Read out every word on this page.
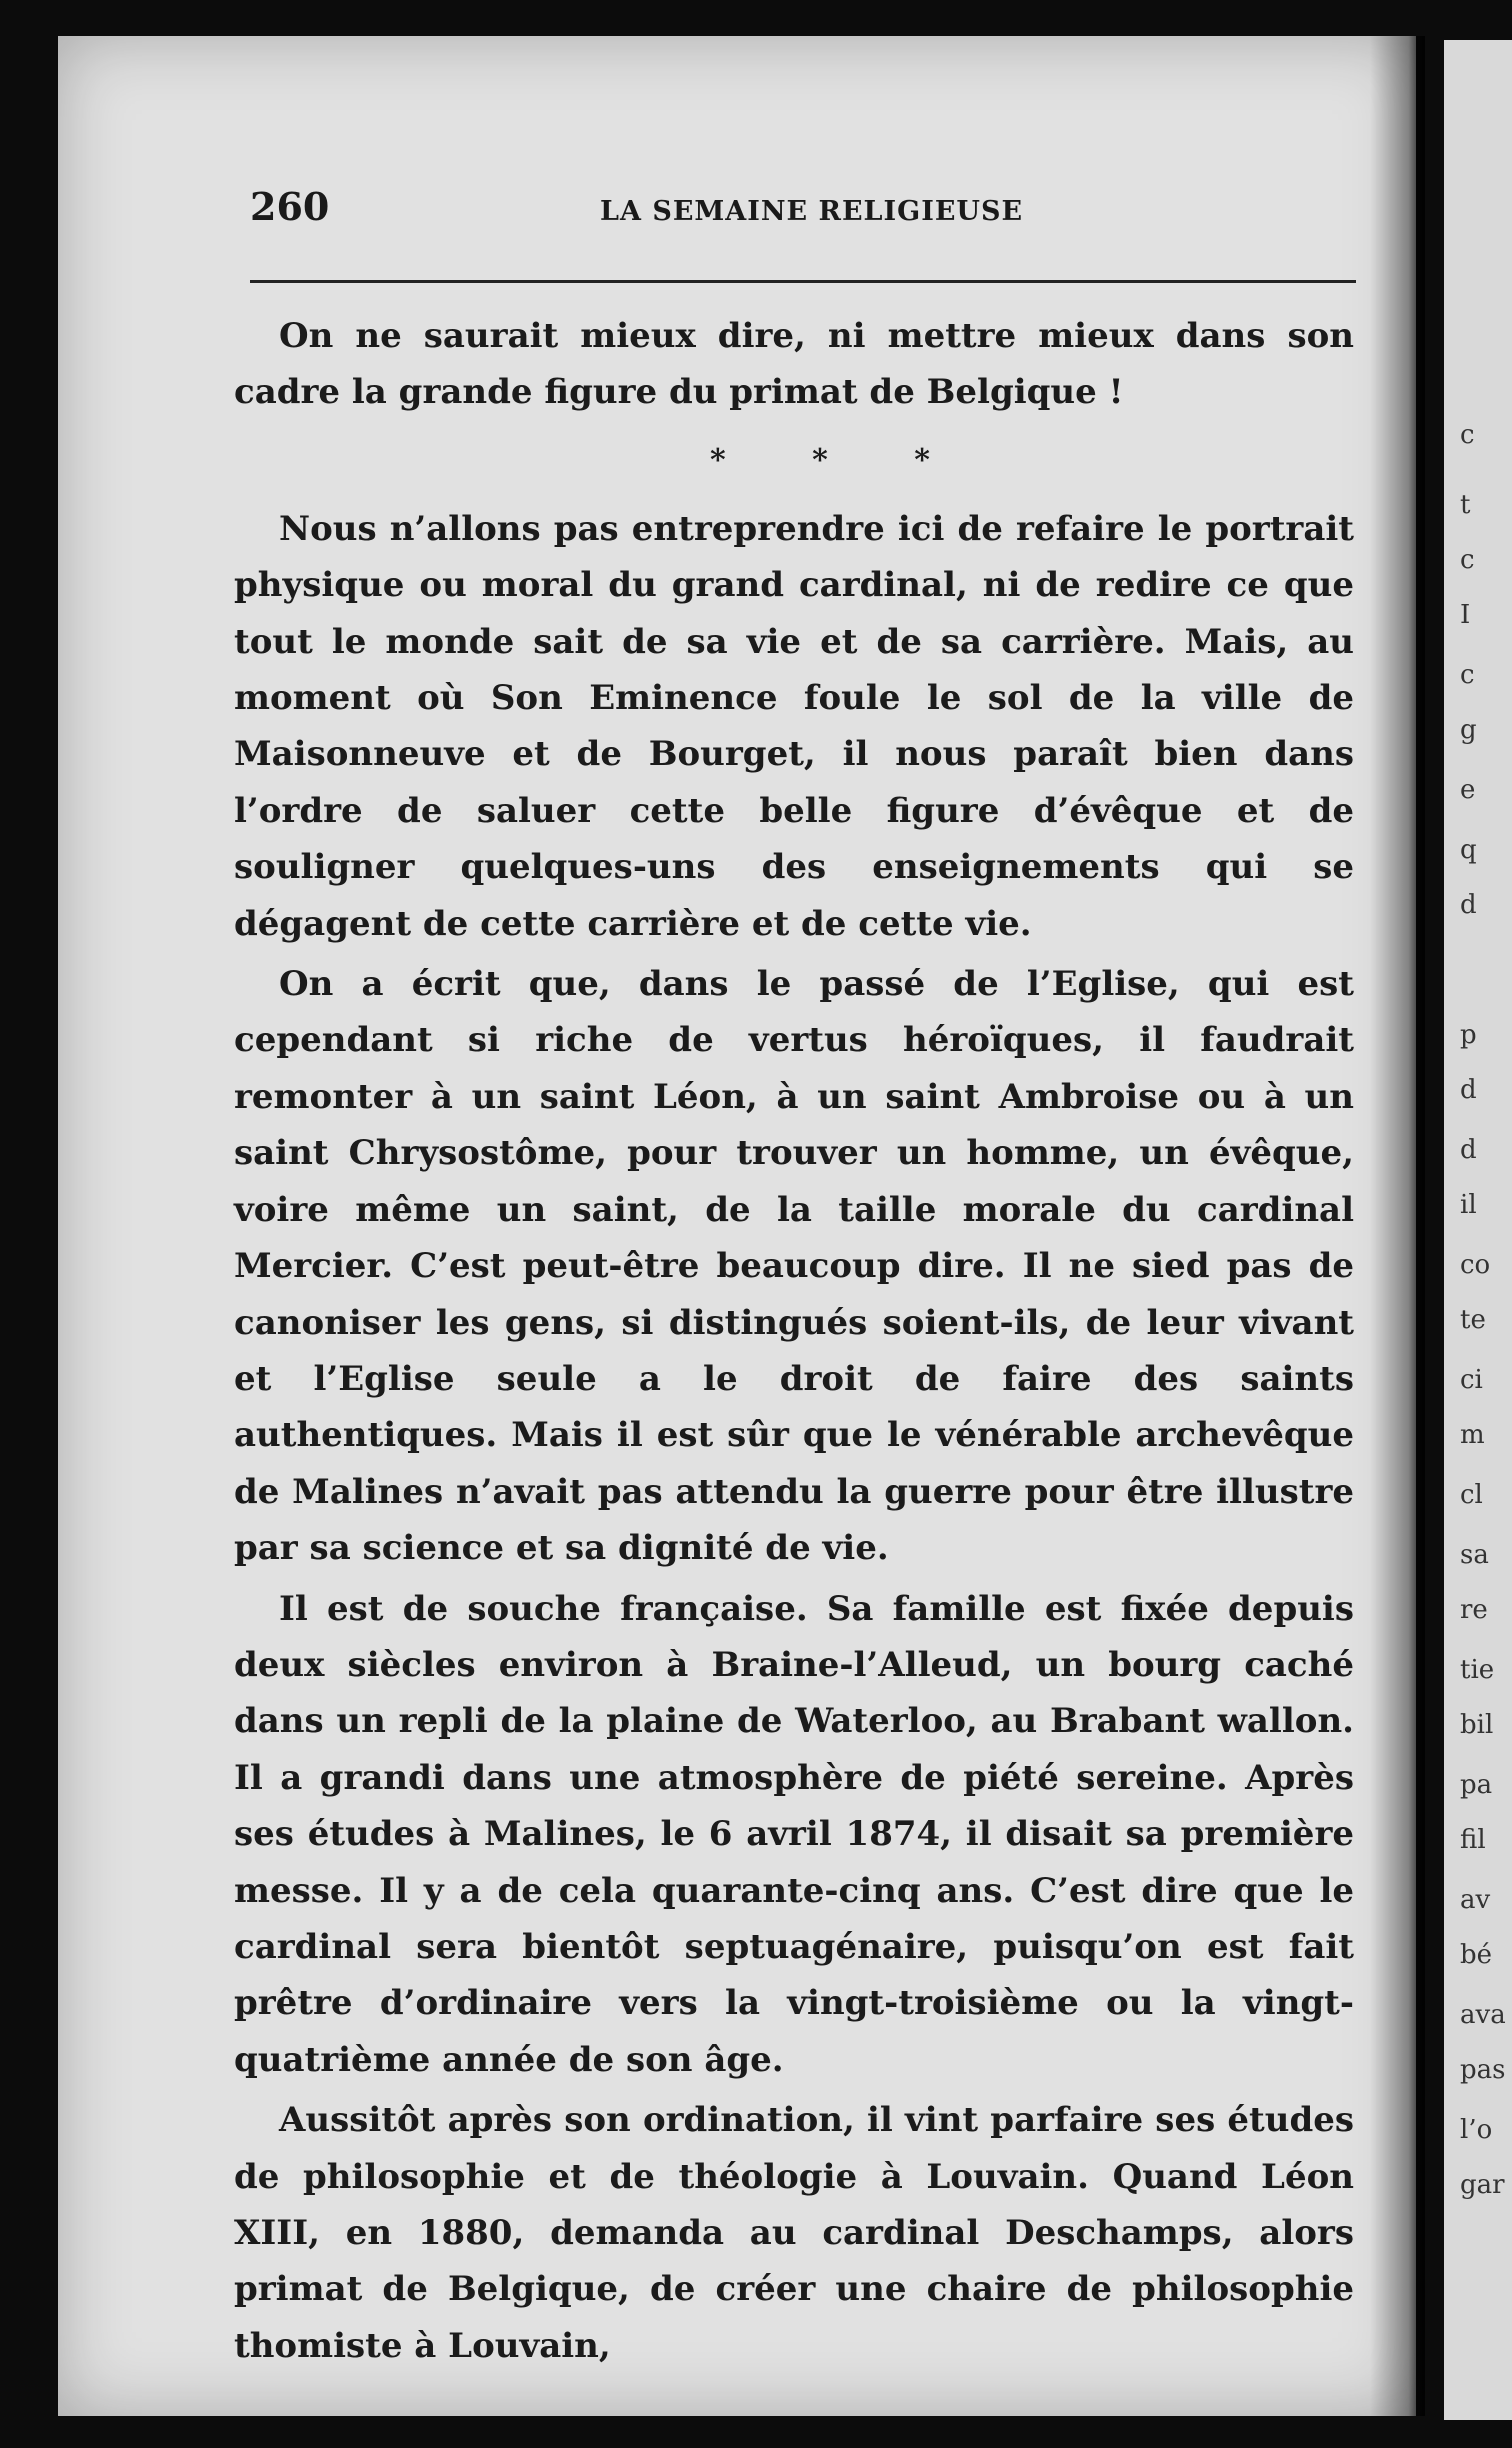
c
t
c
I
c
g
e
q
d
p
d
d
il
co
te
ci
m
cl
sa
re
tie
bil
pa
fil
av
bé
ava
pas
l’o
gar
260	LA SEMAINE RELIGIEUSE

On ne saurait mieux dire, ni mettre mieux dans son cadre la grande figure du primat de Belgique !

* * *

Nous n’allons pas entreprendre ici de refaire le portrait physique ou moral du grand cardinal, ni de redire ce que tout le monde sait de sa vie et de sa carrière. Mais, au moment où Son Eminence foule le sol de la ville de Maisonneuve et de Bourget, il nous paraît bien dans l’ordre de saluer cette belle figure d’évêque et de souligner quelques-uns des enseignements qui se dégagent de cette carrière et de cette vie.

On a écrit que, dans le passé de l’Eglise, qui est cependant si riche de vertus héroïques, il faudrait remonter à un saint Léon, à un saint Ambroise ou à un saint Chrysostôme, pour trouver un homme, un évêque, voire même un saint, de la taille morale du cardinal Mercier. C’est peut-être beaucoup dire. Il ne sied pas de canoniser les gens, si distingués soient-ils, de leur vivant et l’Eglise seule a le droit de faire des saints authentiques. Mais il est sûr que le vénérable archevêque de Malines n’avait pas attendu la guerre pour être illustre par sa science et sa dignité de vie.

Il est de souche française. Sa famille est fixée depuis deux siècles environ à Braine-l’Alleud, un bourg caché dans un repli de la plaine de Waterloo, au Brabant wallon. Il a grandi dans une atmosphère de piété sereine. Après ses études à Malines, le 6 avril 1874, il disait sa première messe. Il y a de cela quarante-cinq ans. C’est dire que le cardinal sera bientôt septuagénaire, puisqu’on est fait prêtre d’ordinaire vers la vingt-troisième ou la vingt-quatrième année de son âge.

Aussitôt après son ordination, il vint parfaire ses études de philosophie et de théologie à Louvain. Quand Léon XIII, en 1880, demanda au cardinal Deschamps, alors primat de Belgique, de créer une chaire de philosophie thomiste à Louvain,
